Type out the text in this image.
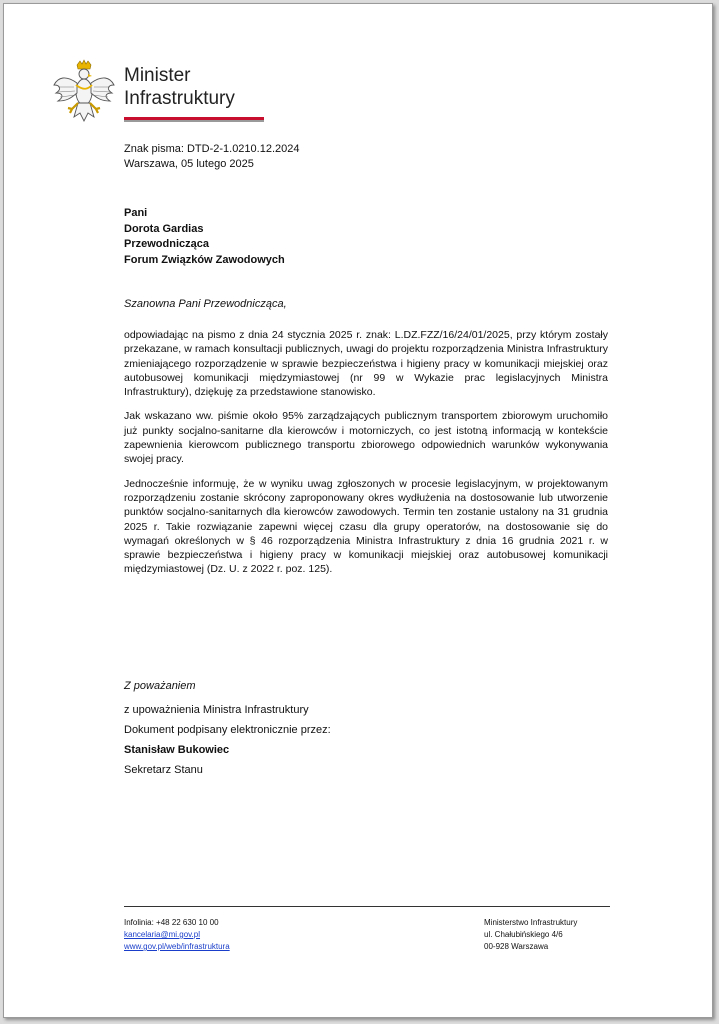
Minister
Infrastruktury
Znak pisma: DTD-2-1.0210.12.2024
Warszawa, 05 lutego 2025
Pani
Dorota Gardias
Przewodnicząca
Forum Związków Zawodowych
Szanowna Pani Przewodnicząca,

odpowiadając na pismo z dnia 24 stycznia 2025 r. znak: L.DZ.FZZ/16/24/01/2025, przy którym zostały przekazane, w ramach konsultacji publicznych, uwagi do projektu rozporządzenia Ministra Infrastruktury zmieniającego rozporządzenie w sprawie bezpieczeństwa i higieny pracy w komunikacji miejskiej oraz autobusowej komunikacji międzymiastowej (nr 99 w Wykazie prac legislacyjnych Ministra Infrastruktury), dziękuję za przedstawione stanowisko.

Jak wskazano ww. piśmie około 95% zarządzających publicznym transportem zbiorowym uruchomiło już punkty socjalno-sanitarne dla kierowców i motorniczych, co jest istotną informacją w kontekście zapewnienia kierowcom publicznego transportu zbiorowego odpowiednich warunków wykonywania swojej pracy.

Jednocześnie informuję, że w wyniku uwag zgłoszonych w procesie legislacyjnym, w projektowanym rozporządzeniu zostanie skrócony zaproponowany okres wydłużenia na dostosowanie lub utworzenie punktów socjalno-sanitarnych dla kierowców zawodowych. Termin ten zostanie ustalony na 31 grudnia 2025 r. Takie rozwiązanie zapewni więcej czasu dla grupy operatorów, na dostosowanie się do wymagań określonych w § 46 rozporządzenia Ministra Infrastruktury z dnia 16 grudnia 2021 r. w sprawie bezpieczeństwa i higieny pracy w komunikacji miejskiej oraz autobusowej komunikacji międzymiastowej (Dz. U. z 2022 r. poz. 125).

Z poważaniem
z upoważnienia Ministra Infrastruktury
Dokument podpisany elektronicznie przez:
Stanisław Bukowiec
Sekretarz Stanu
Infolinia: +48 22 630 10 00
kancelaria@mi.gov.pl
www.gov.pl/web/infrastruktura
Ministerstwo Infrastruktury
ul. Chałubińskiego 4/6
00-928 Warszawa
